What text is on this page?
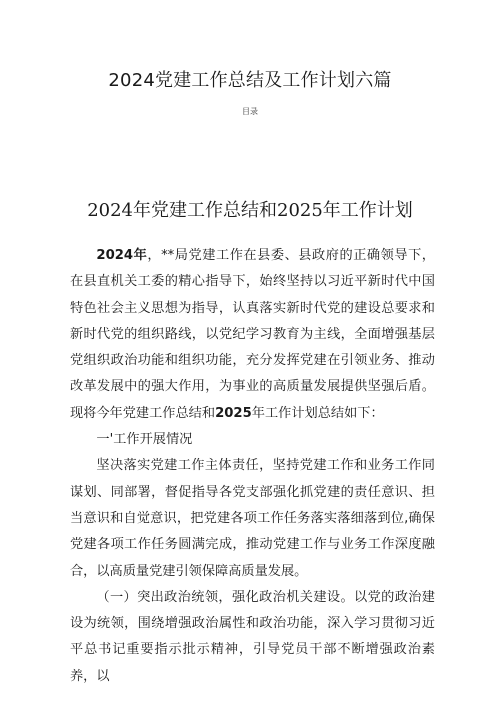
2024党建工作总结及工作计划六篇
目录
2024年党建工作总结和2025年工作计划

2024年，**局党建工作在县委、县政府的正确领导下，在县直机关工委的精心指导下，始终坚持以习近平新时代中国特色社会主义思想为指导，认真落实新时代党的建设总要求和新时代党的组织路线，以党纪学习教育为主线，全面增强基层党组织政治功能和组织功能，充分发挥党建在引领业务、推动改革发展中的强大作用，为事业的高质量发展提供坚强后盾。现将今年党建工作总结和2025年工作计划总结如下：

一'工作开展情况

坚决落实党建工作主体责任，坚持党建工作和业务工作同谋划、同部署，督促指导各党支部强化抓党建的责任意识、担当意识和自觉意识，把党建各项工作任务落实落细落到位,确保党建各项工作任务圆满完成，推动党建工作与业务工作深度融合，以高质量党建引领保障高质量发展。

（一）突出政治统领，强化政治机关建设。以党的政治建设为统领，围绕增强政治属性和政治功能，深入学习贯彻习近平总书记重要指示批示精神，引导党员干部不断增强政治素养，以
